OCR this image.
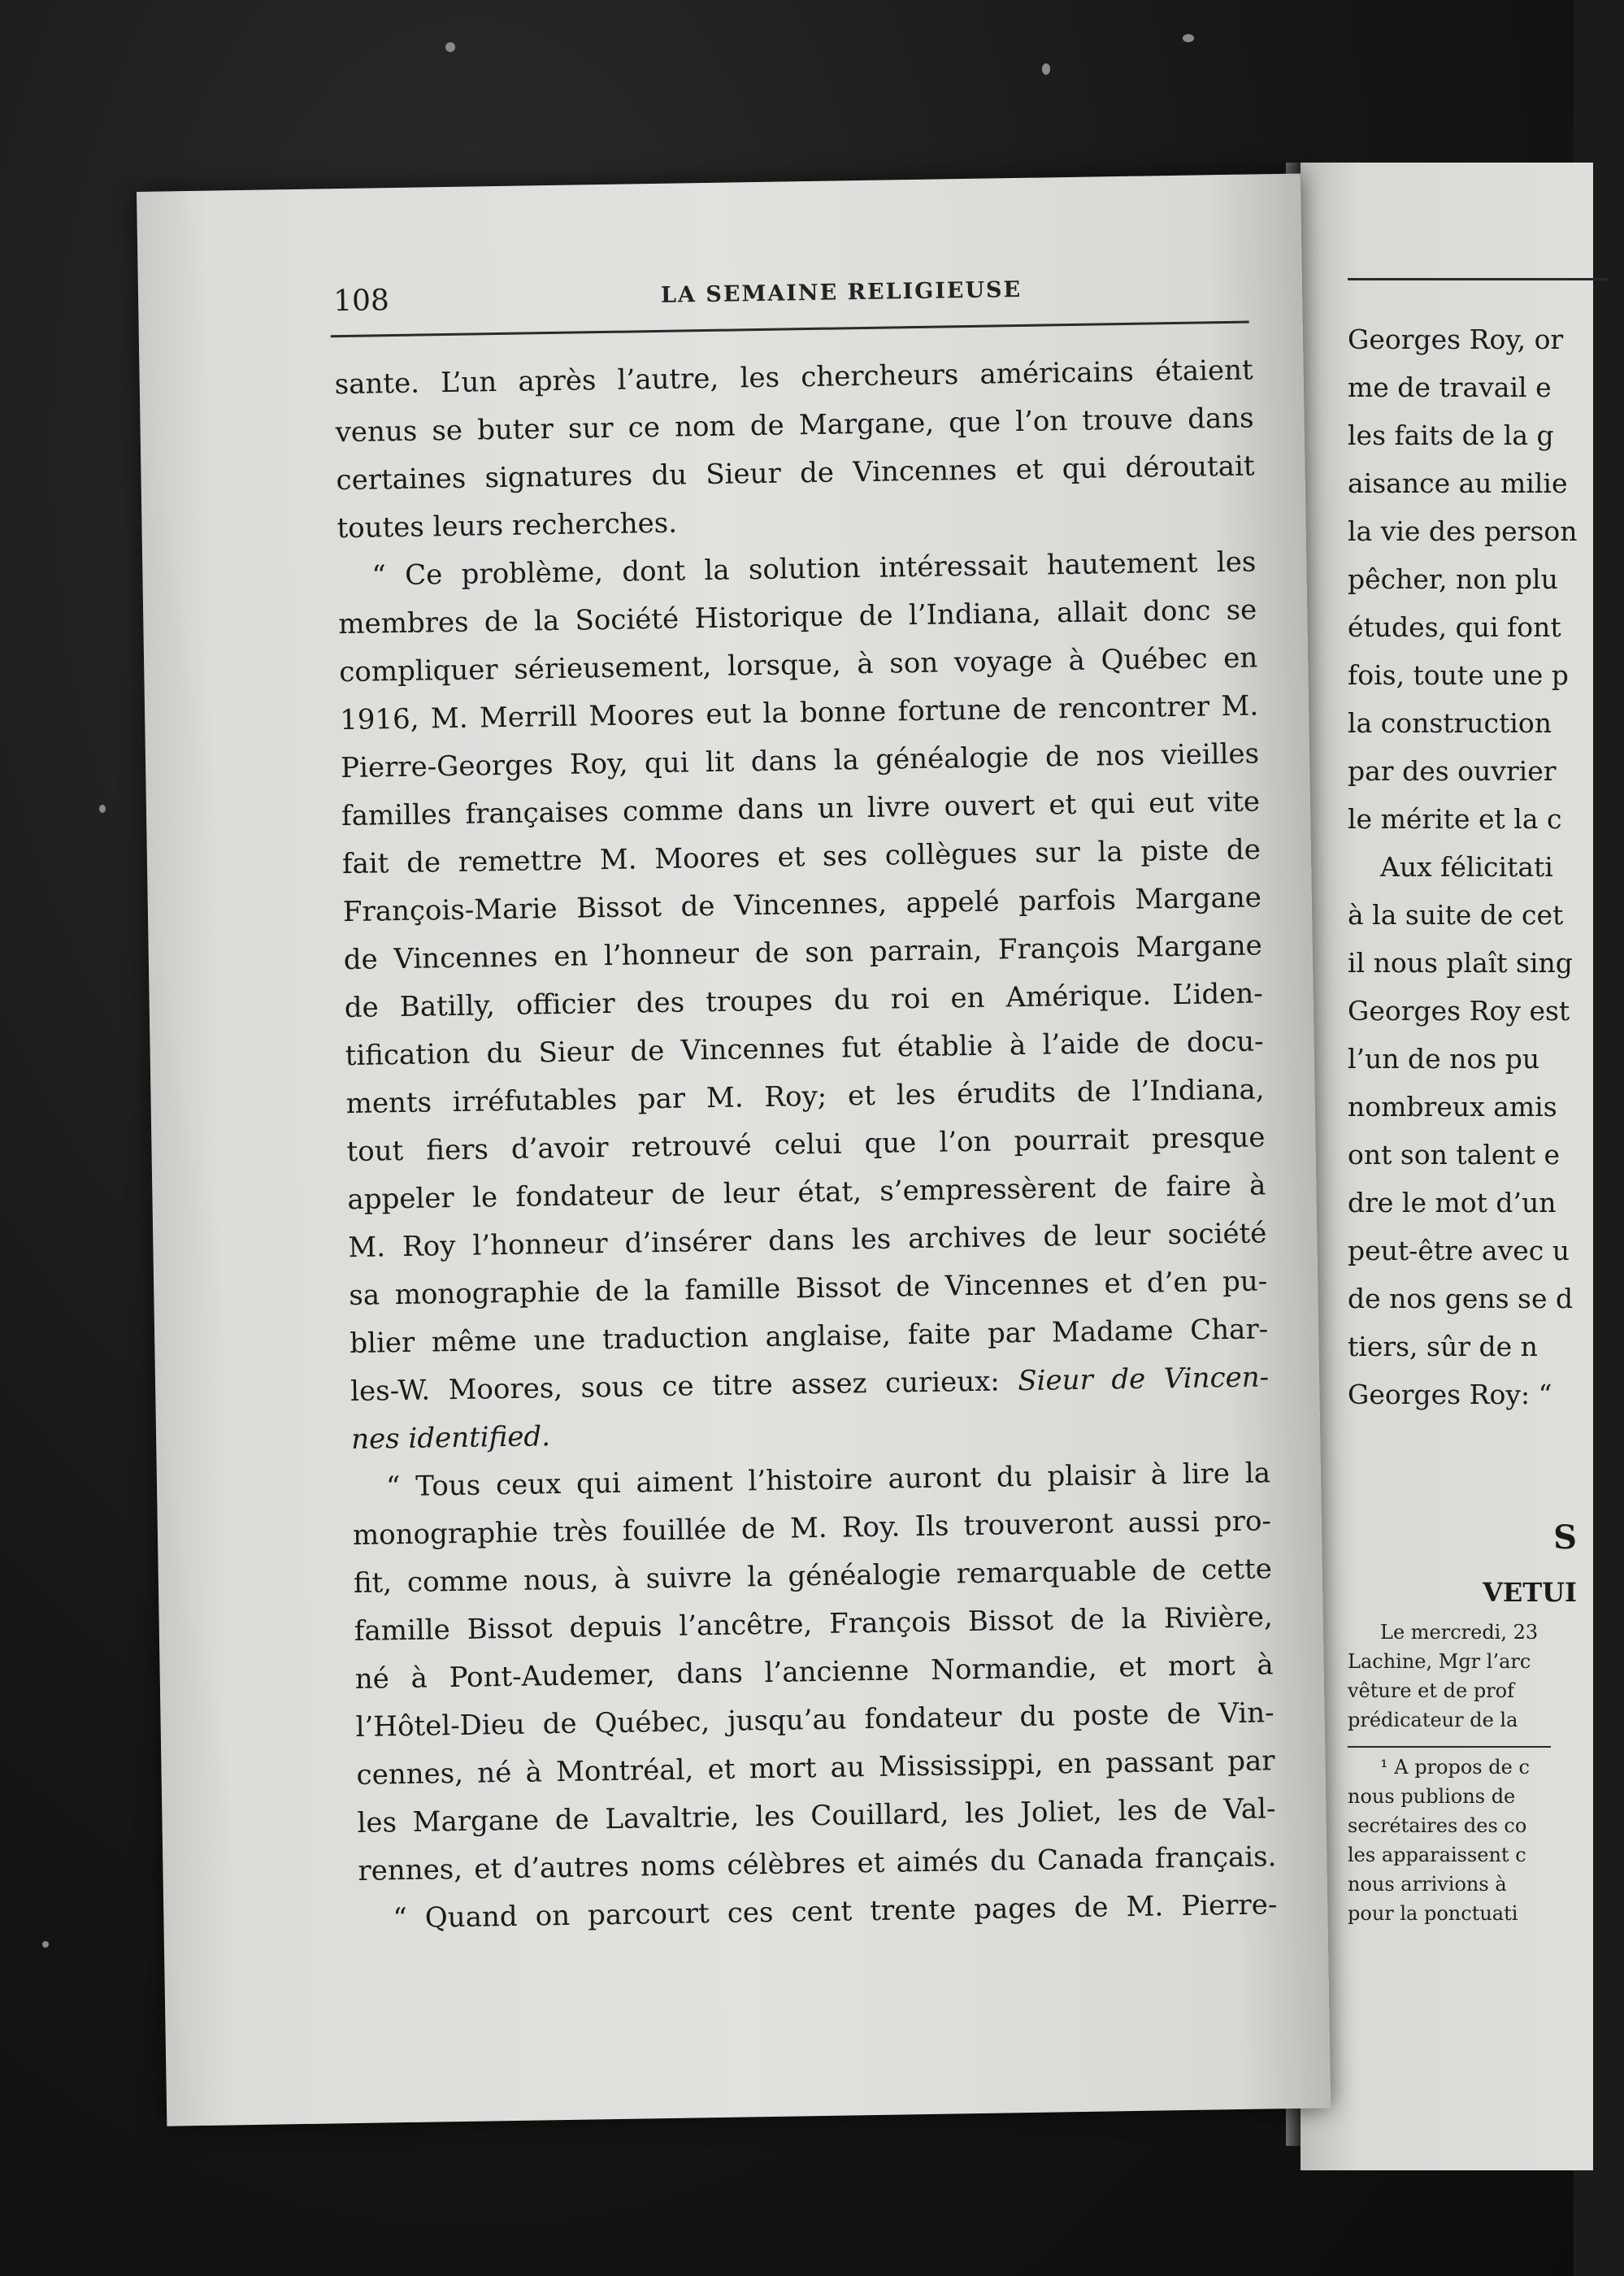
Georges Roy, or
me de travail e
les faits de la g
aisance au milie
la vie des person
pêcher, non plu
études, qui font
fois, toute une p
la construction
par des ouvrier
le mérite et la c
Aux félicitati
à la suite de cet
il nous plaît sing
Georges Roy est
l’un de nos pu
nombreux amis
ont son talent e
dre le mot d’un
peut-être avec u
de nos gens se d
tiers, sûr de n
Georges Roy: “
S
VETUI
Le mercredi, 23
Lachine, Mgr l’arc
vêture et de prof
prédicateur de la
¹ A propos de c
nous publions de
secrétaires des co
les apparaissent c
nous arrivions à
pour la ponctuati
108	LA SEMAINE RELIGIEUSE
sante. L’un après l’autre, les chercheurs américains étaient
venus se buter sur ce nom de Margane, que l’on trouve dans
certaines signatures du Sieur de Vincennes et qui déroutait
toutes leurs recherches.
“ Ce problème, dont la solution intéressait hautement les
membres de la Société Historique de l’Indiana, allait donc se
compliquer sérieusement, lorsque, à son voyage à Québec en
1916, M. Merrill Moores eut la bonne fortune de rencontrer M.
Pierre-Georges Roy, qui lit dans la généalogie de nos vieilles
familles françaises comme dans un livre ouvert et qui eut vite
fait de remettre M. Moores et ses collègues sur la piste de
François-Marie Bissot de Vincennes, appelé parfois Margane
de Vincennes en l’honneur de son parrain, François Margane
de Batilly, officier des troupes du roi en Amérique. L’iden-
tification du Sieur de Vincennes fut établie à l’aide de docu-
ments irréfutables par M. Roy; et les érudits de l’Indiana,
tout fiers d’avoir retrouvé celui que l’on pourrait presque
appeler le fondateur de leur état, s’empressèrent de faire à
M. Roy l’honneur d’insérer dans les archives de leur société
sa monographie de la famille Bissot de Vincennes et d’en pu-
blier même une traduction anglaise, faite par Madame Char-
les-W. Moores, sous ce titre assez curieux: Sieur de Vincen-
nes identified.
“ Tous ceux qui aiment l’histoire auront du plaisir à lire la
monographie très fouillée de M. Roy. Ils trouveront aussi pro-
fit, comme nous, à suivre la généalogie remarquable de cette
famille Bissot depuis l’ancêtre, François Bissot de la Rivière,
né à Pont-Audemer, dans l’ancienne Normandie, et mort à
l’Hôtel-Dieu de Québec, jusqu’au fondateur du poste de Vin-
cennes, né à Montréal, et mort au Mississippi, en passant par
les Margane de Lavaltrie, les Couillard, les Joliet, les de Val-
rennes, et d’autres noms célèbres et aimés du Canada français.
“ Quand on parcourt ces cent trente pages de M. Pierre-
